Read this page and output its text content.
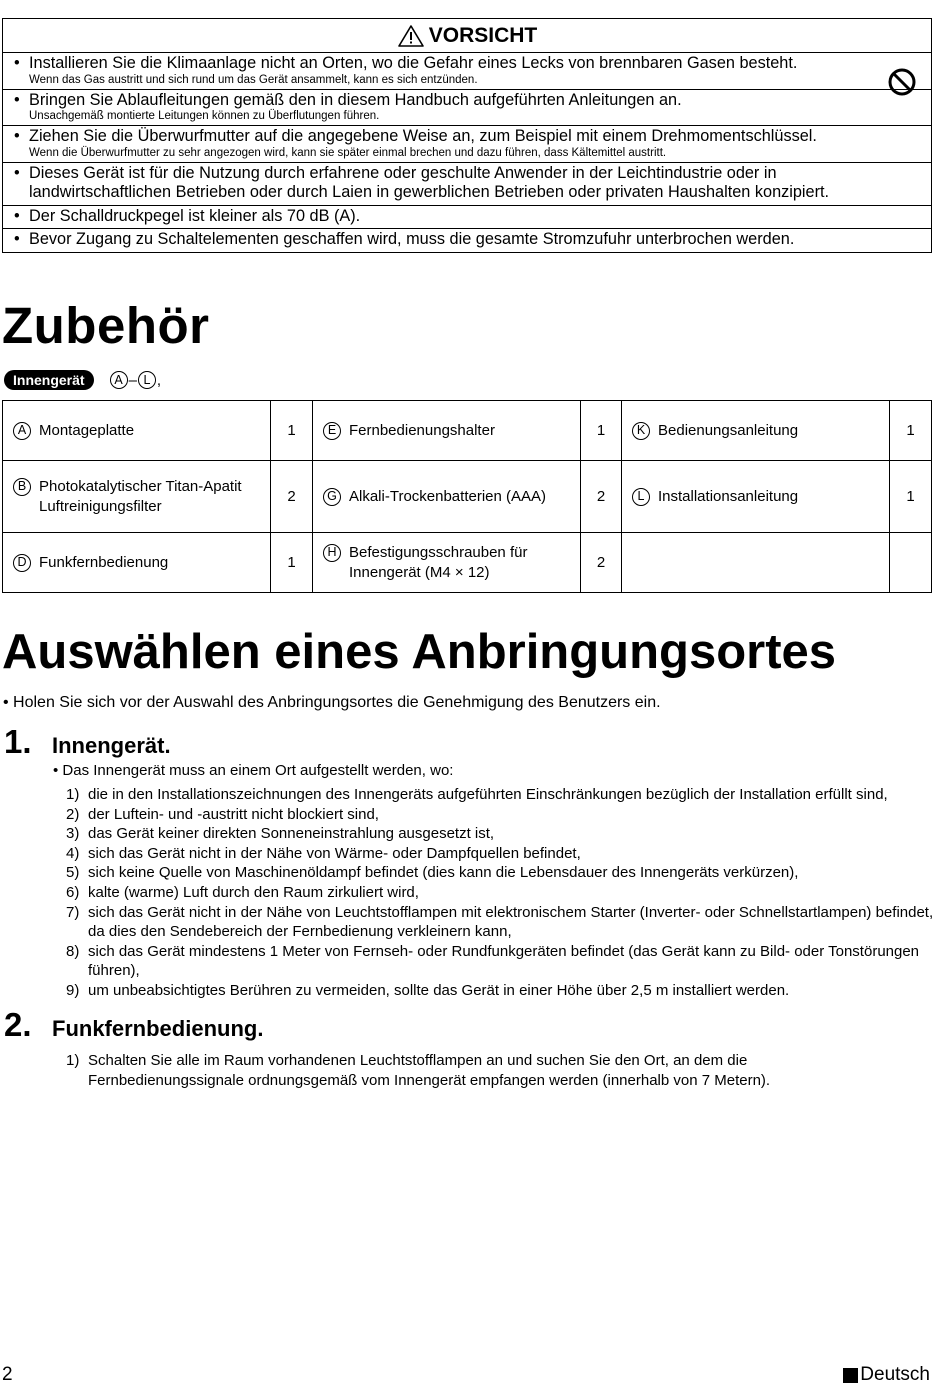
VORSICHT
• Installieren Sie die Klimaanlage nicht an Orten, wo die Gefahr eines Lecks von brennbaren Gasen besteht.
Wenn das Gas austritt und sich rund um das Gerät ansammelt, kann es sich entzünden.
• Bringen Sie Ablaufleitungen gemäß den in diesem Handbuch aufgeführten Anleitungen an.
Unsachgemäß montierte Leitungen können zu Überflutungen führen.
• Ziehen Sie die Überwurfmutter auf die angegebene Weise an, zum Beispiel mit einem Drehmomentschlüssel.
Wenn die Überwurfmutter zu sehr angezogen wird, kann sie später einmal brechen und dazu führen, dass Kältemittel austritt.
• Dieses Gerät ist für die Nutzung durch erfahrene oder geschulte Anwender in der Leichtindustrie oder in landwirtschaftlichen Betrieben oder durch Laien in gewerblichen Betrieben oder privaten Haushalten konzipiert.
• Der Schalldruckpegel ist kleiner als 70 dB (A).
• Bevor Zugang zu Schaltelementen geschaffen wird, muss die gesamte Stromzufuhr unterbrochen werden.
Zubehör
Innengerät	A – L ,
A Montageplatte	1	E Fernbedienungshalter	1	K Bedienungsanleitung	1

B Photokatalytischer Titan-Apatit Luftreinigungsfilter	2	G Alkali-Trockenbatterien (AAA)	2	L Installationsanleitung	1

D Funkfernbedienung	1	H Befestigungsschrauben für Innengerät (M4 × 12)	2		
Auswählen eines Anbringungsortes
• Holen Sie sich vor der Auswahl des Anbringungsortes die Genehmigung des Benutzers ein.
1. Innengerät.
• Das Innengerät muss an einem Ort aufgestellt werden, wo:
1) die in den Installationszeichnungen des Innengeräts aufgeführten Einschränkungen bezüglich der Installation erfüllt sind,
2) der Luftein- und -austritt nicht blockiert sind,
3) das Gerät keiner direkten Sonneneinstrahlung ausgesetzt ist,
4) sich das Gerät nicht in der Nähe von Wärme- oder Dampfquellen befindet,
5) sich keine Quelle von Maschinenöldampf befindet (dies kann die Lebensdauer des Innengeräts verkürzen),
6) kalte (warme) Luft durch den Raum zirkuliert wird,
7) sich das Gerät nicht in der Nähe von Leuchtstofflampen mit elektronischem Starter (Inverter- oder Schnellstartlampen) befindet, da dies den Sendebereich der Fernbedienung verkleinern kann,
8) sich das Gerät mindestens 1 Meter von Fernseh- oder Rundfunkgeräten befindet (das Gerät kann zu Bild- oder Tonstörungen führen),
9) um unbeabsichtigtes Berühren zu vermeiden, sollte das Gerät in einer Höhe über 2,5 m installiert werden.
2. Funkfernbedienung.
1) Schalten Sie alle im Raum vorhandenen Leuchtstofflampen an und suchen Sie den Ort, an dem die Fernbedienungssignale ordnungsgemäß vom Innengerät empfangen werden (innerhalb von 7 Metern).
2	Deutsch
